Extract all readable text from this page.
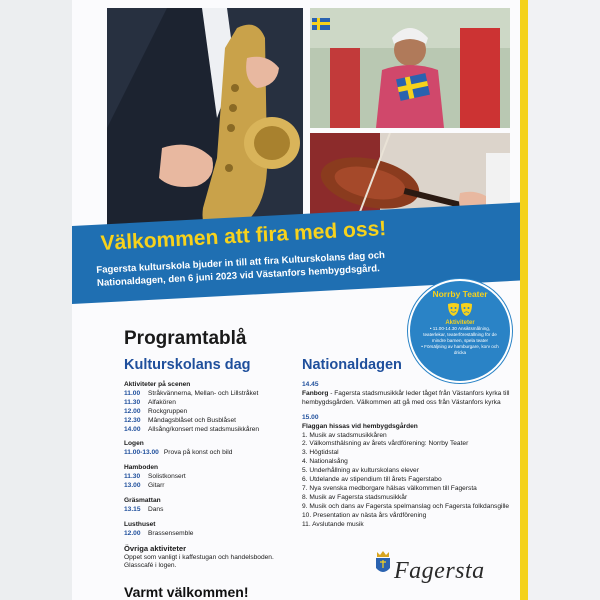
Välkommen att fira med oss!
Fagersta kulturskola bjuder in till att fira Kulturskolans dag och Nationaldagen, den 6 juni 2023 vid Västanfors hembygdsgård.
Norrby Teater
Aktiviteter
• 11.00-14.30 Ansiktsmålning, teaterlekar, teaterföreställning för de mindre barnen, spela teater
• Försäljning av hamburgare, korv och dricka
Programtablå
Kulturskolans dag	Nationaldagen
Aktiviteter på scenen
11.00 Stråkvännerna, Mellan- och Lillstråket
11.30 Alfakören
12.00 Rockgruppen
12.30 Mândagsblåset och Busblåset
14.00 Allsång/konsert med stadsmusikkåren
Logen
11.00-13.00 Prova på konst och bild
Hamboden
11.30 Solistkonsert
13.00 Gitarr
Gräsmattan
13.15 Dans
Lusthuset
12.00 Brassensemble
Övriga aktiviteter
Oppet som vanligt i kaffestugan och handelsboden. Glasscafé i logen.
14.45
Fanborg - Fagersta stadsmusikkår leder tåget från Västanfors kyrka till hembygdsgården. Välkommen att gå med oss från Västanfors kyrka
15.00
Flaggan hissas vid hembygdsgården
1. Musik av stadsmusikkåren
2. Välkomsthälsning av årets vårdförening: Norrby Teater
3. Högtidstal
4. Nationalsång
5. Underhållning av kulturskolans elever
6. Utdelande av stipendium till årets Fagerstabo
7. Nya svenska medborgare hälsas välkommen till Fagersta
8. Musik av Fagersta stadsmusikkår
9. Musik och dans av Fagersta spelmanslag och Fagersta folkdansgille
10. Presentation av nästa års vårdförening
11. Avslutande musik
Varmt välkommen!
Fagersta
